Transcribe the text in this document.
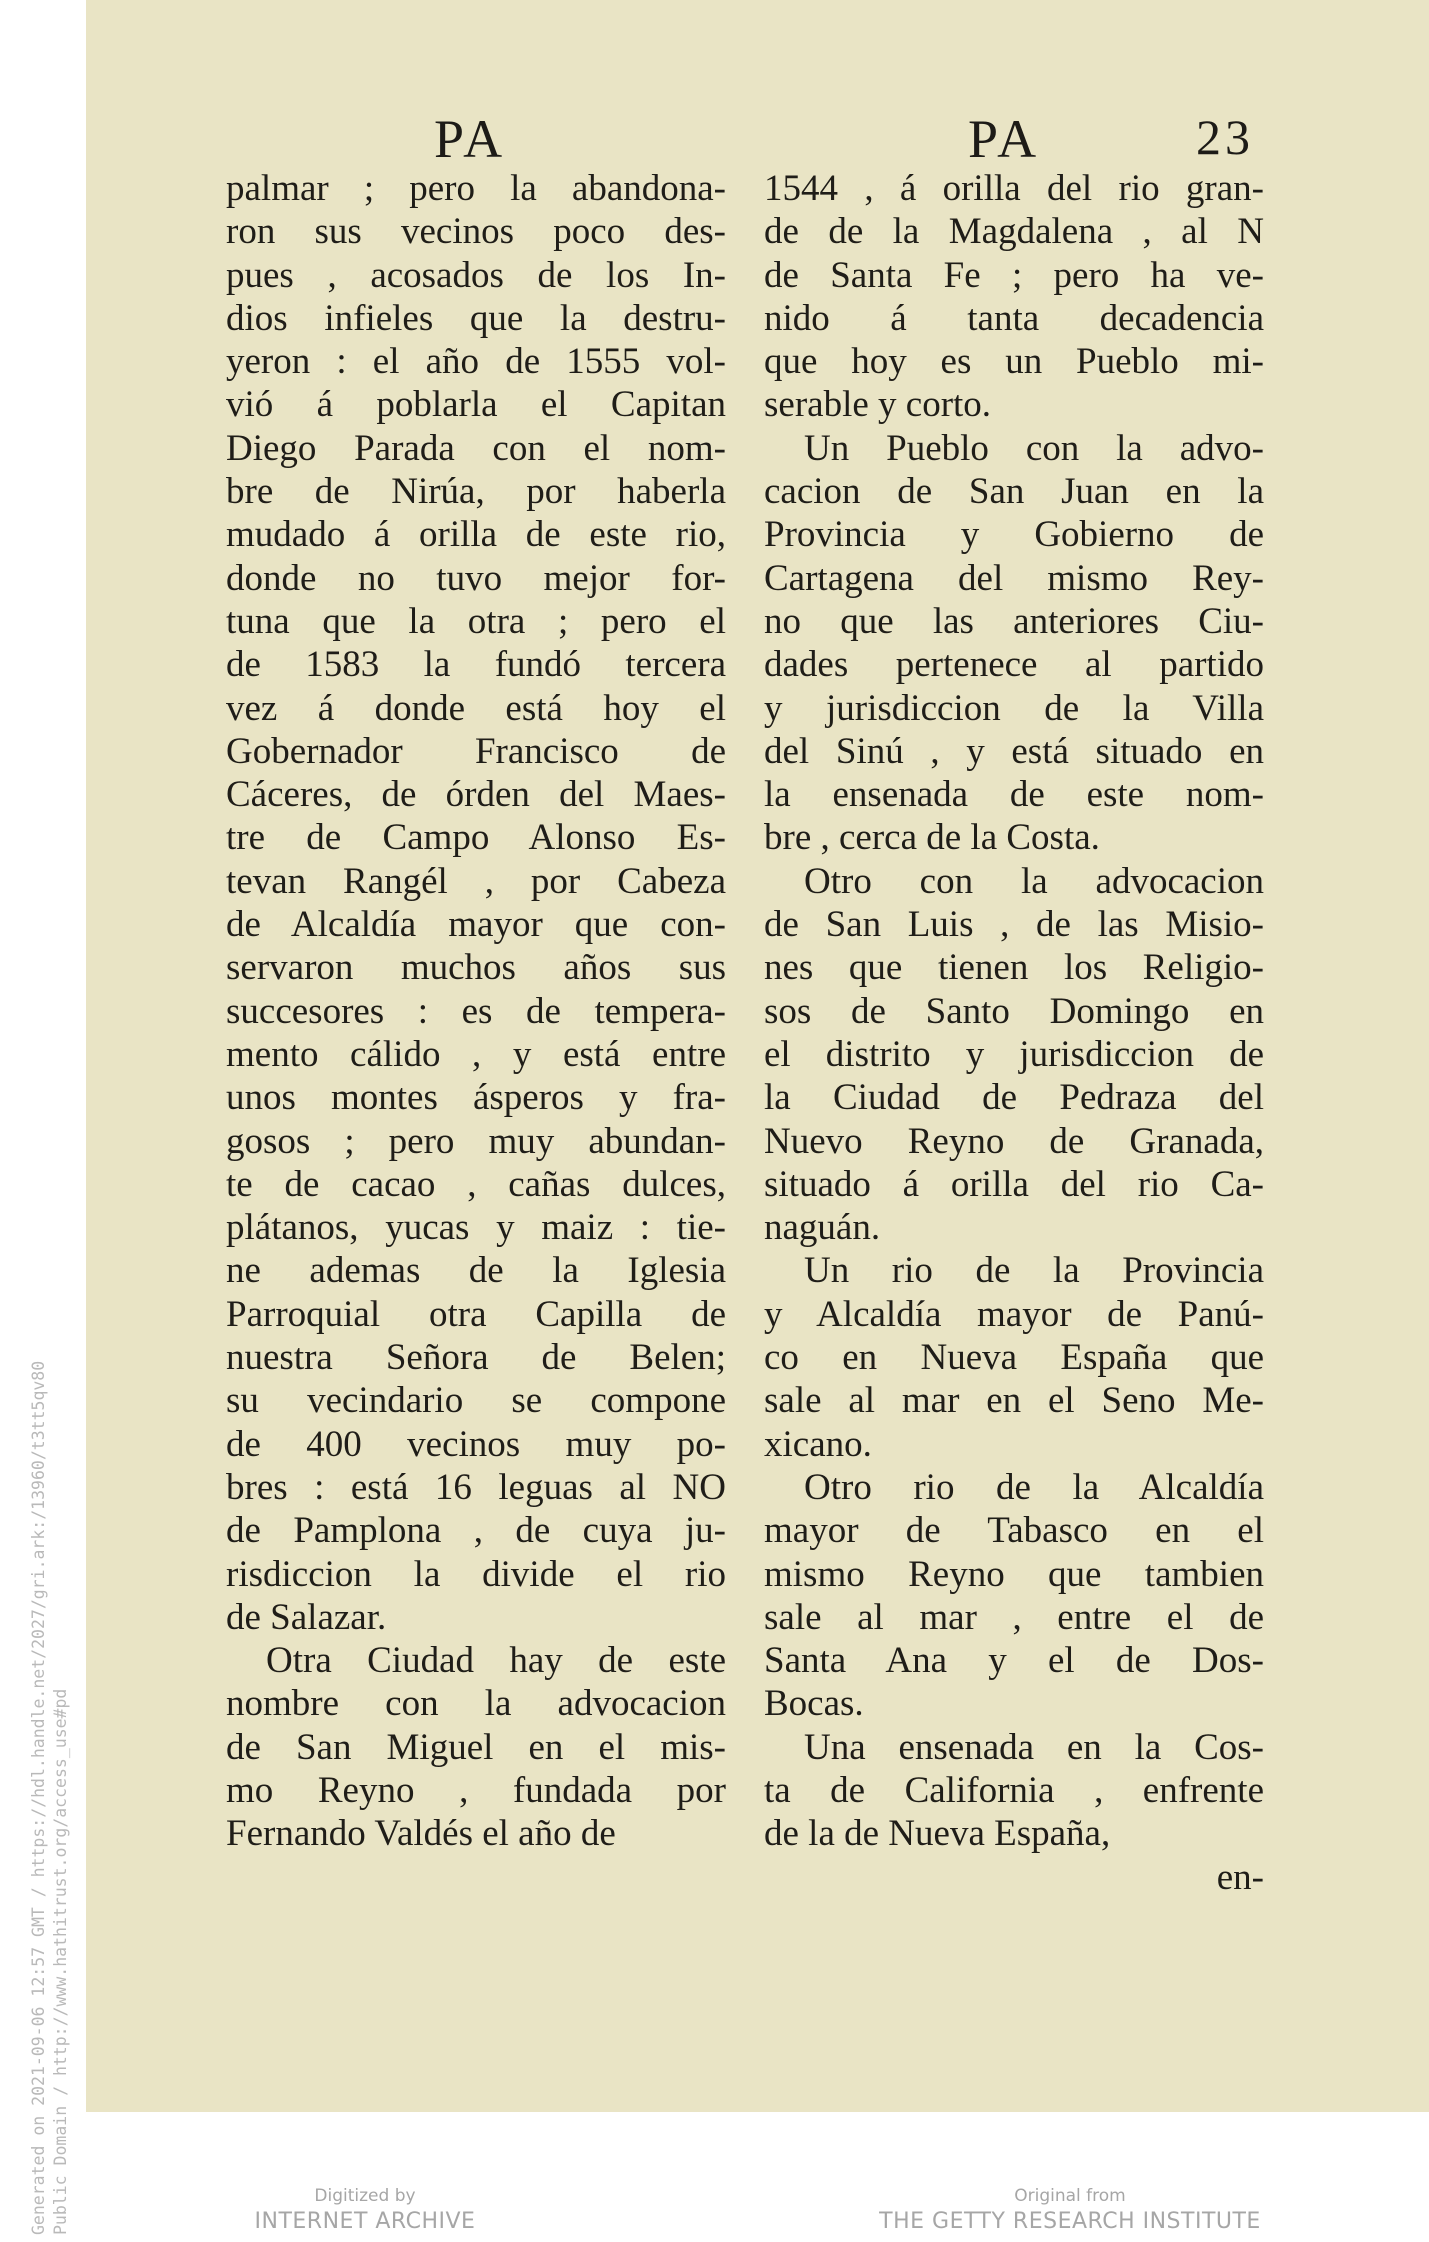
Generated on 2021-09-06 12:57 GMT / https://hdl.handle.net/2027/gri.ark:/13960/t3tt5qv80 Public Domain / http://www.hathitrust.org/access_use#pd
PA	PA	23
palmar ; pero la abandona-
ron sus vecinos poco des-
pues , acosados de los In-
dios infieles que la destru-
yeron : el año de 1555 vol-
vió á poblarla el Capitan
Diego Parada con el nom-
bre de Nirúa, por haberla
mudado á orilla de este rio,
donde no tuvo mejor for-
tuna que la otra ; pero el
de 1583 la fundó tercera
vez á donde está hoy el
Gobernador Francisco de
Cáceres, de órden del Maes-
tre de Campo Alonso Es-
tevan Rangél , por Cabeza
de Alcaldía mayor que con-
servaron muchos años sus
succesores : es de tempera-
mento cálido , y está entre
unos montes ásperos y fra-
gosos ; pero muy abundan-
te de cacao , cañas dulces,
plátanos, yucas y maiz : tie-
ne ademas de la Iglesia
Parroquial otra Capilla de
nuestra Señora de Belen;
su vecindario se compone
de 400 vecinos muy po-
bres : está 16 leguas al NO
de Pamplona , de cuya ju-
risdiccion la divide el rio
de Salazar.
Otra Ciudad hay de este
nombre con la advocacion
de San Miguel en el mis-
mo Reyno , fundada por
Fernando Valdés el año de
1544 , á orilla del rio gran-
de de la Magdalena , al N
de Santa Fe ; pero ha ve-
nido á tanta decadencia
que hoy es un Pueblo mi-
serable y corto.
Un Pueblo con la advo-
cacion de San Juan en la
Provincia y Gobierno de
Cartagena del mismo Rey-
no que las anteriores Ciu-
dades pertenece al partido
y jurisdiccion de la Villa
del Sinú , y está situado en
la ensenada de este nom-
bre , cerca de la Costa.
Otro con la advocacion
de San Luis , de las Misio-
nes que tienen los Religio-
sos de Santo Domingo en
el distrito y jurisdiccion de
la Ciudad de Pedraza del
Nuevo Reyno de Granada,
situado á orilla del rio Ca-
naguán.
Un rio de la Provincia
y Alcaldía mayor de Panú-
co en Nueva España que
sale al mar en el Seno Me-
xicano.
Otro rio de la Alcaldía
mayor de Tabasco en el
mismo Reyno que tambien
sale al mar , entre el de
Santa Ana y el de Dos-
Bocas.
Una ensenada en la Cos-
ta de California , enfrente
de la de Nueva España,
en-
Digitized by
INTERNET ARCHIVE
Original from
THE GETTY RESEARCH INSTITUTE
